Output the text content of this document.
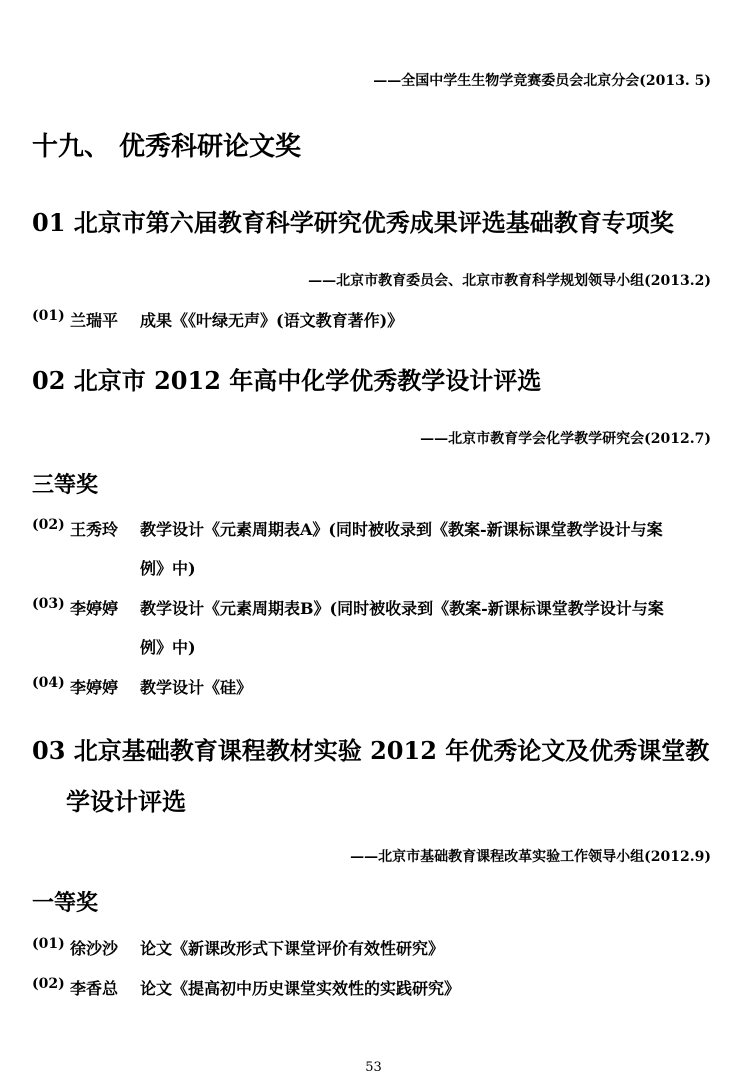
——全国中学生生物学竞赛委员会北京分会(2013. 5)
十九、 优秀科研论文奖
01 北京市第六届教育科学研究优秀成果评选基础教育专项奖
——北京市教育委员会、北京市教育科学规划领导小组(2013.2)
(01) 兰瑞平	成果《《叶绿无声》(语文教育著作)》
02 北京市 2012 年高中化学优秀教学设计评选
——北京市教育学会化学教学研究会(2012.7)
三等奖
(02) 王秀玲	教学设计《元素周期表A》(同时被收录到《教案-新课标课堂教学设计与案
例》中)
(03) 李婷婷	教学设计《元素周期表B》(同时被收录到《教案-新课标课堂教学设计与案
例》中)
(04) 李婷婷	教学设计《硅》
03 北京基础教育课程教材实验 2012 年优秀论文及优秀课堂教
学设计评选
——北京市基础教育课程改革实验工作领导小组(2012.9)
一等奖
(01) 徐沙沙	论文《新课改形式下课堂评价有效性研究》
(02) 李香总	论文《提高初中历史课堂实效性的实践研究》
53
